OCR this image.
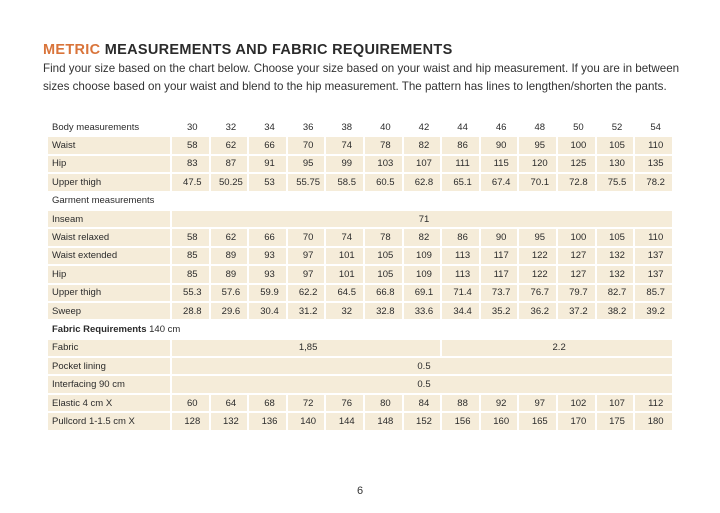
METRIC MEASUREMENTS AND FABRIC REQUIREMENTS
Find your size based on the chart below. Choose your size based on your waist and hip measurement. If you are in between sizes choose based on your waist and blend to the hip measurement. The pattern has lines to lengthen/shorten the pants.
Body measurements	30	32	34	36	38	40	42	44	46	48	50	52	54
Waist	58	62	66	70	74	78	82	86	90	95	100	105	110
Hip	83	87	91	95	99	103	107	111	115	120	125	130	135
Upper thigh	47.5	50.25	53	55.75	58.5	60.5	62.8	65.1	67.4	70.1	72.8	75.5	78.2
Garment measurements													
Inseam	71												
Waist relaxed	58	62	66	70	74	78	82	86	90	95	100	105	110
Waist extended	85	89	93	97	101	105	109	113	117	122	127	132	137
Hip	85	89	93	97	101	105	109	113	117	122	127	132	137
Upper thigh	55.3	57.6	59.9	62.2	64.5	66.8	69.1	71.4	73.7	76.7	79.7	82.7	85.7
Sweep	28.8	29.6	30.4	31.2	32	32.8	33.6	34.4	35.2	36.2	37.2	38.2	39.2
Fabric Requirements 140 cm													
Fabric	1,85							2.2					
Pocket lining	0.5												
Interfacing 90 cm	0.5												
Elastic 4 cm X	60	64	68	72	76	80	84	88	92	97	102	107	112
Pullcord 1-1.5 cm X	128	132	136	140	144	148	152	156	160	165	170	175	180
6
